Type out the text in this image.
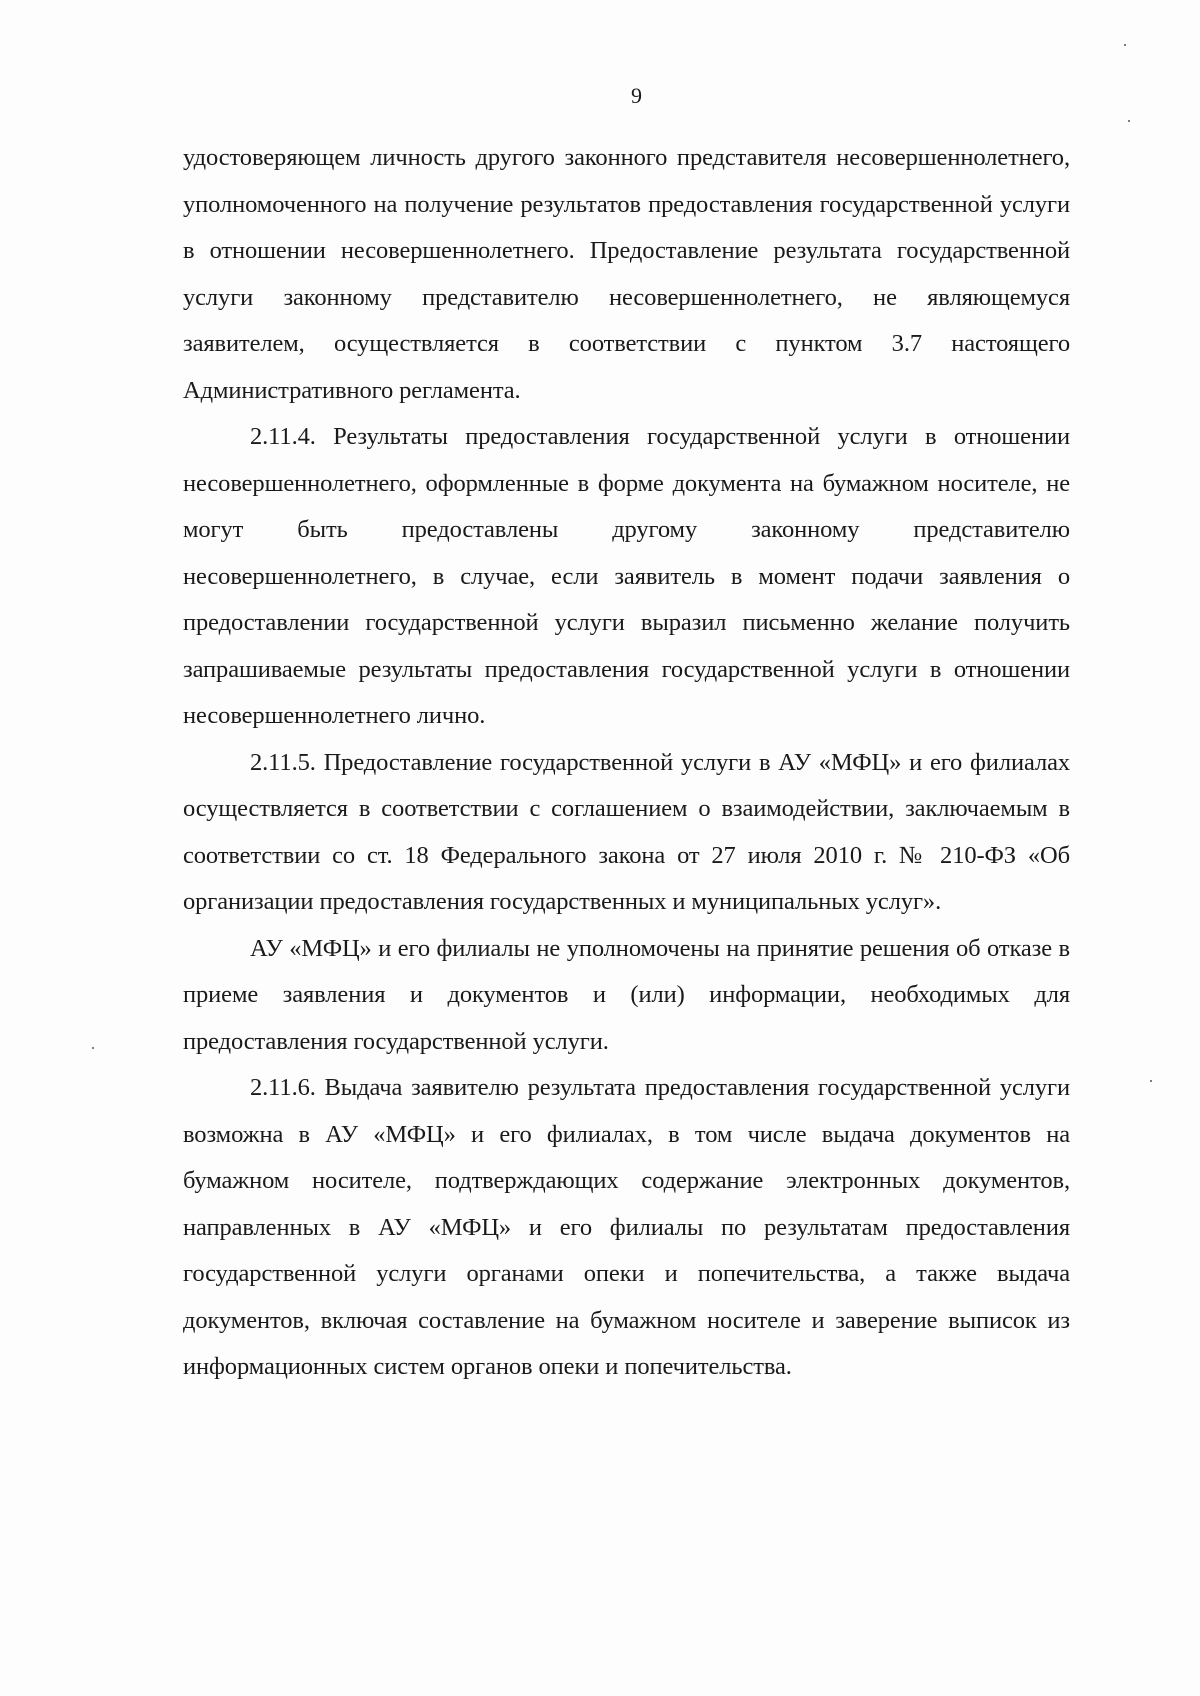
9

удостоверяющем личность другого законного представителя несовершеннолетнего, уполномоченного на получение результатов предоставления государственной услуги в отношении несовершеннолетнего. Предоставление результата государственной услуги законному представителю несовершеннолетнего, не являющемуся заявителем, осуществляется в соответствии с пунктом 3.7 настоящего Административного регламента.

2.11.4. Результаты предоставления государственной услуги в отношении несовершеннолетнего, оформленные в форме документа на бумажном носителе, не могут быть предоставлены другому законному представителю несовершеннолетнего, в случае, если заявитель в момент подачи заявления о предоставлении государственной услуги выразил письменно желание получить запрашиваемые результаты предоставления государственной услуги в отношении несовершеннолетнего лично.

2.11.5. Предоставление государственной услуги в АУ «МФЦ» и его филиалах осуществляется в соответствии с соглашением о взаимодействии, заключаемым в соответствии со ст. 18 Федерального закона от 27 июля 2010 г. № 210-ФЗ «Об организации предоставления государственных и муниципальных услуг».

АУ «МФЦ» и его филиалы не уполномочены на принятие решения об отказе в приеме заявления и документов и (или) информации, необходимых для предоставления государственной услуги.

2.11.6. Выдача заявителю результата предоставления государственной услуги возможна в АУ «МФЦ» и его филиалах, в том числе выдача документов на бумажном носителе, подтверждающих содержание электронных документов, направленных в АУ «МФЦ» и его филиалы по результатам предоставления государственной услуги органами опеки и попечительства, а также выдача документов, включая составление на бумажном носителе и заверение выписок из информационных систем органов опеки и попечительства.
